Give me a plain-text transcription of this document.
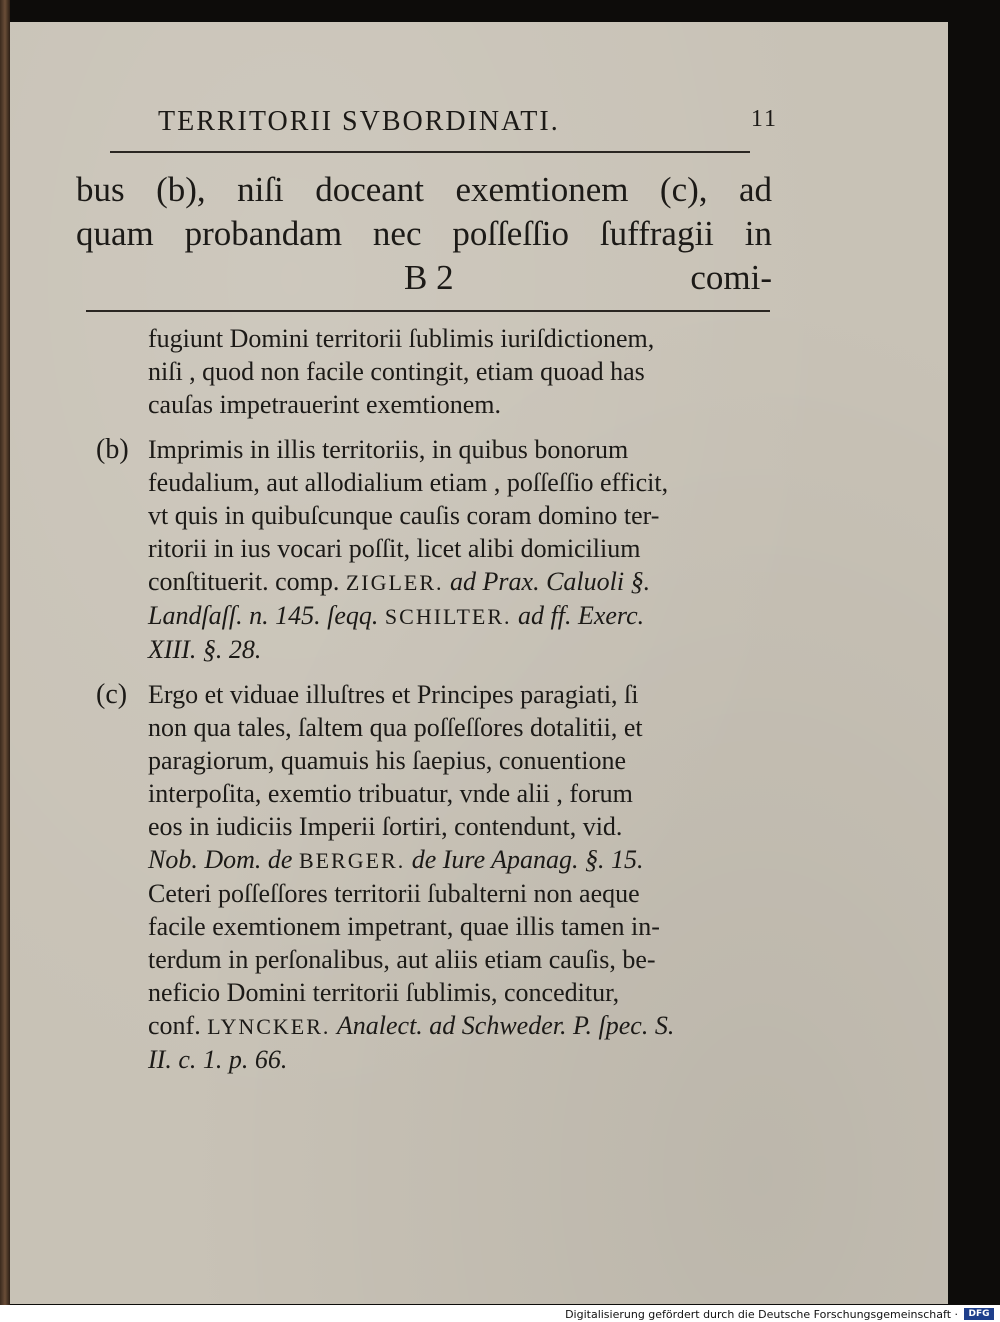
TERRITORII SVBORDINATI.	11
bus (b), niſi doceant exemtionem (c), ad
quam probandam nec poſſeſſio ſuffragii in
B 2	comi-
fugiunt Domini territorii ſublimis iuriſdictionem,
niſi , quod non facile contingit, etiam quoad has
cauſas impetrauerint exemtionem.
(b) Imprimis in illis territoriis, in quibus bonorum
feudalium, aut allodialium etiam , poſſeſſio efficit,
vt quis in quibuſcunque cauſis coram domino ter-
ritorii in ius vocari poſſit, licet alibi domicilium
conſtituerit. comp. ZIGLER. ad Prax. Caluoli §.
Landſaſſ. n. 145. ſeqq. SCHILTER. ad ff. Exerc.
XIII. §. 28.
(c) Ergo et viduae illuſtres et Principes paragiati, ſi
non qua tales, ſaltem qua poſſeſſores dotalitii, et
paragiorum, quamuis his ſaepius, conuentione
interpoſita, exemtio tribuatur, vnde alii , forum
eos in iudiciis Imperii ſortiri, contendunt, vid.
Nob. Dom. de BERGER. de Iure Apanag. §. 15.
Ceteri poſſeſſores territorii ſubalterni non aeque
facile exemtionem impetrant, quae illis tamen in-
terdum in perſonalibus, aut aliis etiam cauſis, be-
neficio Domini territorii ſublimis, conceditur,
conf. LYNCKER. Analect. ad Schweder. P. ſpec. S.
II. c. 1. p. 66.
Digitalisierung gefördert durch die Deutsche Forschungsgemeinschaft ·	DFG
